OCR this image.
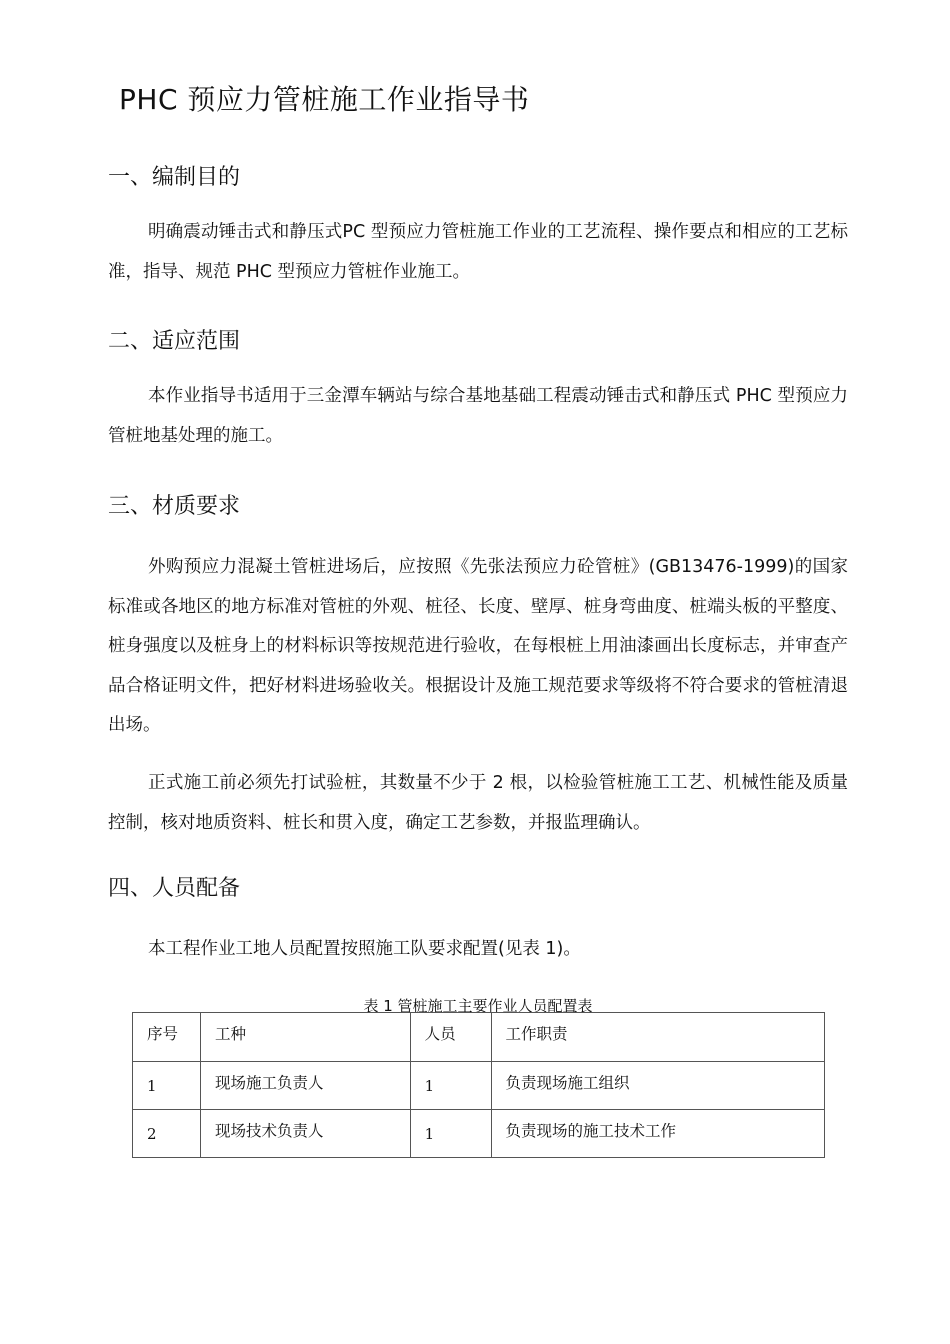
PHC 预应力管桩施工作业指导书
一、编制目的
明确震动锤击式和静压式PC 型预应力管桩施工作业的工艺流程、操作要点和相应的工艺标准，指导、规范 PHC 型预应力管桩作业施工。
二、适应范围
本作业指导书适用于三金潭车辆站与综合基地基础工程震动锤击式和静压式 PHC 型预应力管桩地基处理的施工。
三、材质要求
外购预应力混凝土管桩进场后，应按照《先张法预应力砼管桩》(GB13476-1999)的国家标准或各地区的地方标准对管桩的外观、桩径、长度、壁厚、桩身弯曲度、桩端头板的平整度、桩身强度以及桩身上的材料标识等按规范进行验收，在每根桩上用油漆画出长度标志，并审查产品合格证明文件，把好材料进场验收关。根据设计及施工规范要求等级将不符合要求的管桩清退出场。
正式施工前必须先打试验桩，其数量不少于 2 根，以检验管桩施工工艺、机械性能及质量控制，核对地质资料、桩长和贯入度，确定工艺参数，并报监理确认。
四、人员配备
本工程作业工地人员配置按照施工队要求配置(见表 1)。
表 1 管桩施工主要作业人员配置表
序号	工种	人员	工作职责
1	现场施工负责人	1	负责现场施工组织
2	现场技术负责人	1	负责现场的施工技术工作
